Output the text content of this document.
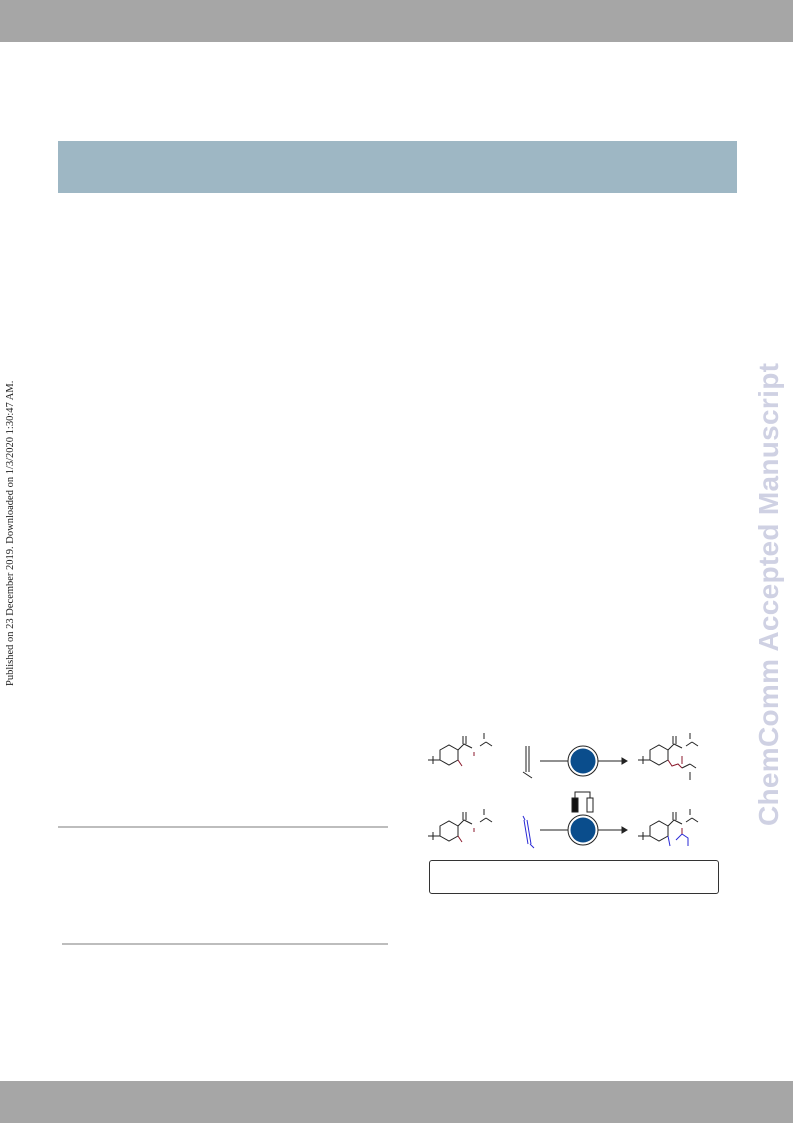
Published on 23 December 2019. Downloaded on 1/3/2020 1:30:47 AM.	ChemComm Accepted Manuscript
